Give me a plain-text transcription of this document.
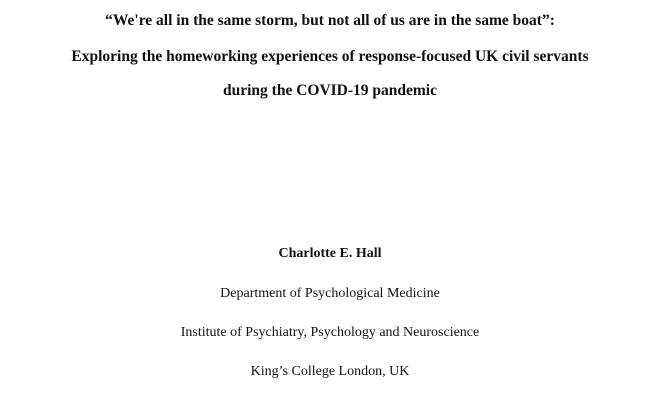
“We're all in the same storm, but not all of us are in the same boat”:
Exploring the homeworking experiences of response-focused UK civil servants
during the COVID-19 pandemic
Charlotte E. Hall
Department of Psychological Medicine
Institute of Psychiatry, Psychology and Neuroscience
King’s College London, UK
